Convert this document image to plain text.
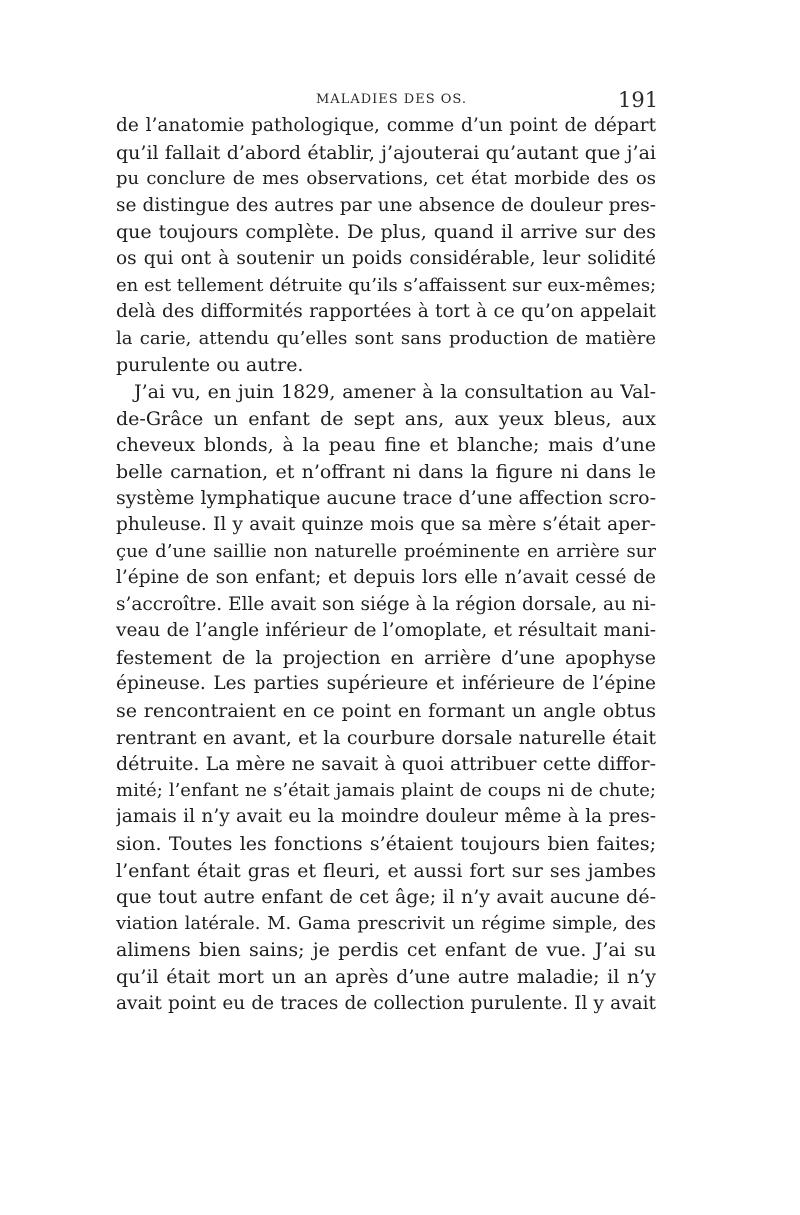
MALADIES DES OS.	191
de l’anatomie pathologique, comme d’un point de départ
qu’il fallait d’abord établir, j’ajouterai qu’autant que j’ai
pu conclure de mes observations, cet état morbide des os
se distingue des autres par une absence de douleur pres-
que toujours complète. De plus, quand il arrive sur des
os qui ont à soutenir un poids considérable, leur solidité
en est tellement détruite qu’ils s’affaissent sur eux-mêmes;
delà des difformités rapportées à tort à ce qu’on appelait
la carie, attendu qu’elles sont sans production de matière
purulente ou autre.
J’ai vu, en juin 1829, amener à la consultation au Val-
de-Grâce un enfant de sept ans, aux yeux bleus, aux
cheveux blonds, à la peau fine et blanche; mais d’une
belle carnation, et n’offrant ni dans la figure ni dans le
système lymphatique aucune trace d’une affection scro-
phuleuse. Il y avait quinze mois que sa mère s’était aper-
çue d’une saillie non naturelle proéminente en arrière sur
l’épine de son enfant; et depuis lors elle n’avait cessé de
s’accroître. Elle avait son siége à la région dorsale, au ni-
veau de l’angle inférieur de l’omoplate, et résultait mani-
festement de la projection en arrière d’une apophyse
épineuse. Les parties supérieure et inférieure de l’épine
se rencontraient en ce point en formant un angle obtus
rentrant en avant, et la courbure dorsale naturelle était
détruite. La mère ne savait à quoi attribuer cette diffor-
mité; l’enfant ne s’était jamais plaint de coups ni de chute;
jamais il n’y avait eu la moindre douleur même à la pres-
sion. Toutes les fonctions s’étaient toujours bien faites;
l’enfant était gras et fleuri, et aussi fort sur ses jambes
que tout autre enfant de cet âge; il n’y avait aucune dé-
viation latérale. M. Gama prescrivit un régime simple, des
alimens bien sains; je perdis cet enfant de vue. J’ai su
qu’il était mort un an après d’une autre maladie; il n’y
avait point eu de traces de collection purulente. Il y avait
